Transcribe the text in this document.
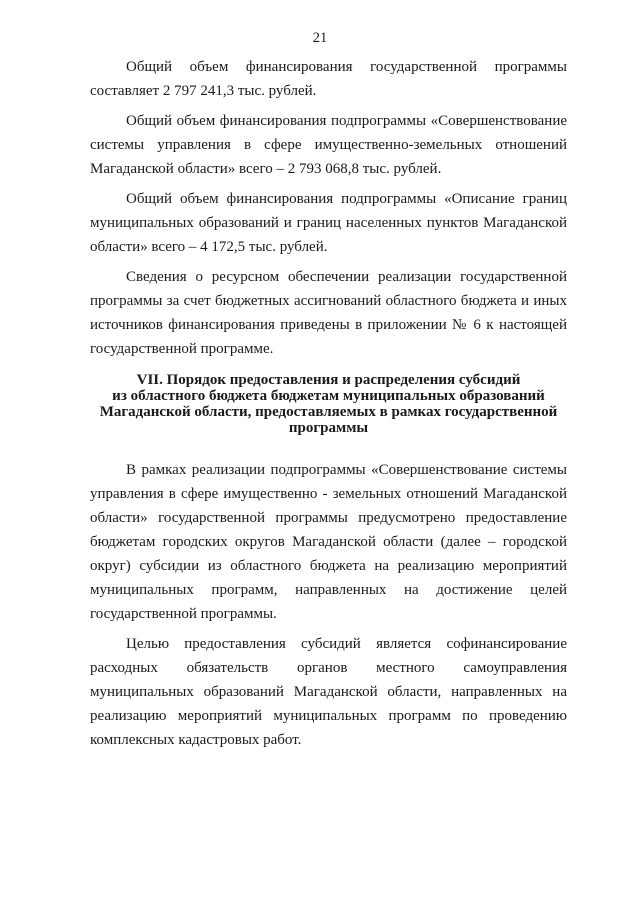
21

Общий объем финансирования государственной программы составляет 2 797 241,3 тыс. рублей.

Общий объем финансирования подпрограммы «Совершенствование системы управления в сфере имущественно-земельных отношений Магаданской области» всего – 2 793 068,8 тыс. рублей.

Общий объем финансирования подпрограммы «Описание границ муниципальных образований и границ населенных пунктов Магаданской области» всего – 4 172,5 тыс. рублей.

Сведения о ресурсном обеспечении реализации государственной программы за счет бюджетных ассигнований областного бюджета и иных источников финансирования приведены в приложении № 6 к настоящей государственной программе.

VII. Порядок предоставления и распределения субсидий
из областного бюджета бюджетам муниципальных образований
Магаданской области, предоставляемых в рамках государственной
программы

В рамках реализации подпрограммы «Совершенствование системы управления в сфере имущественно - земельных отношений Магаданской области» государственной программы предусмотрено предоставление бюджетам городских округов Магаданской области (далее – городской округ) субсидии из областного бюджета на реализацию мероприятий муниципальных программ, направленных на достижение целей государственной программы.

Целью предоставления субсидий является софинансирование расходных обязательств органов местного самоуправления муниципальных образований Магаданской области, направленных на реализацию мероприятий муниципальных программ по проведению комплексных кадастровых работ.
